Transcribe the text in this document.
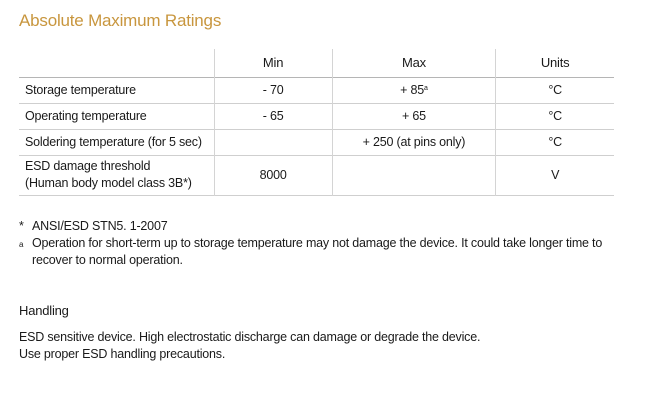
Absolute Maximum Ratings
	Min	Max	Units
Storage temperature	- 70	+ $85^a$	°C
Operating temperature	- 65	+ 65	°C
Soldering temperature (for 5 sec)		+ 250 (at pins only)	°C

ESD damage threshold
(Human body model class 3B*)	8000		V
* ANSI/ESD STN5. 1-2007
a Operation for short-term up to storage temperature may not damage the device. It could take longer time to recover to normal operation.
Handling
ESD sensitive device. High electrostatic discharge can damage or degrade the device.
Use proper ESD handling precautions.
